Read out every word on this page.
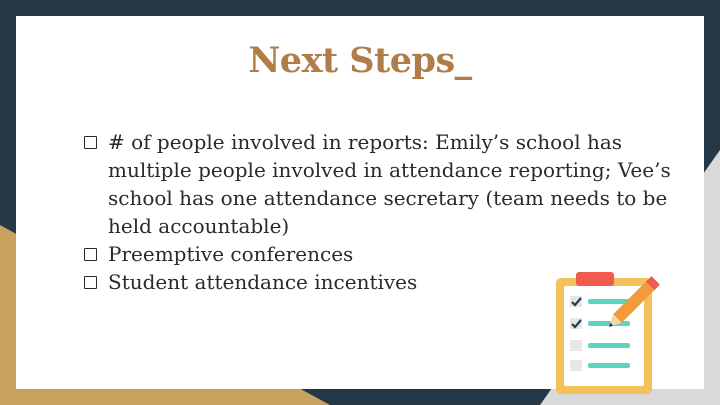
Next Steps_
# of people involved in reports: Emily’s school has multiple people involved in attendance reporting; Vee’s school has one attendance secretary (team needs to be held accountable)
Preemptive conferences
Student attendance incentives
